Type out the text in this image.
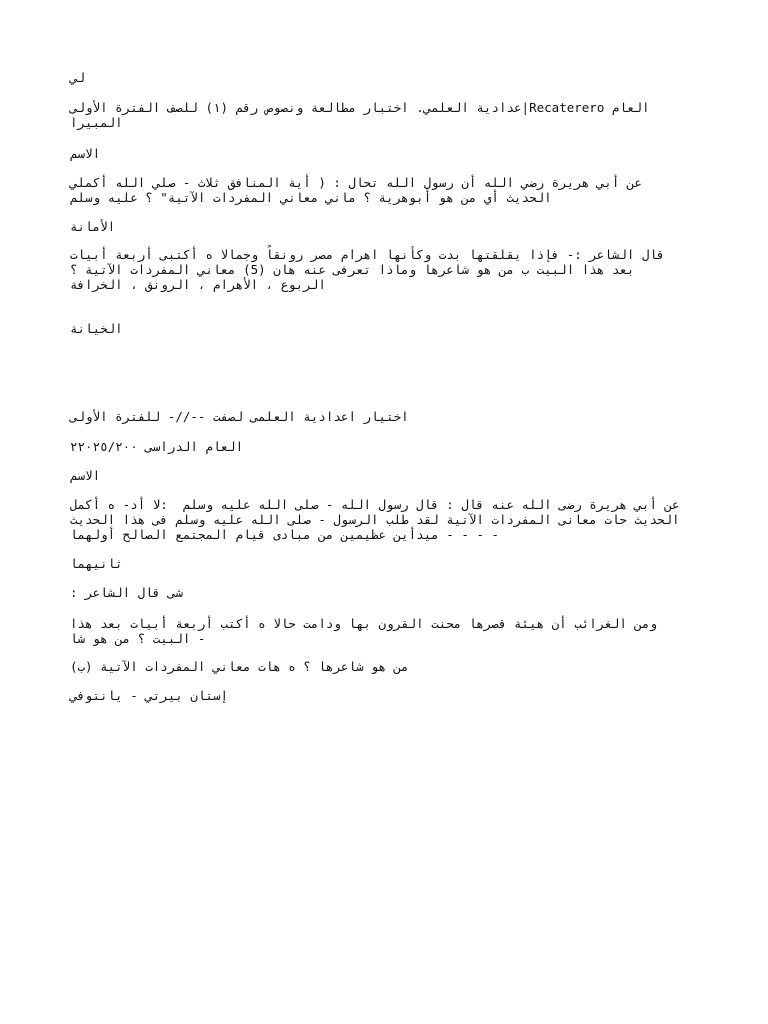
لي

العام Recaterero|عدادية العلمي. اختبار مطالعة ونصوص رقم (١) للصف الفترة الأولى
المبيرا

الاسم

عن أبي هريرة رضي الله أن رسول الله تحال : ( أية المنافق ثلاث - صلي الله أكملي
الحديث أي من هو أبوهرية ؟ ماني معاني المفردات الآتية" ؟ عليه وسلم

الأمانة

قال الشاعر :- فإذا يقلقتها بدت وكأنها اهرام مصر رونقاً وجمالا ه أكتبى أربعة أبيات
بعد هذا البيت ب من هو شاعرها وماذا تعرفى عنه هان (5) معاني المفردات الآتية ؟
الربوع ، الأهرام ، الرونق ، الخرافة

الخيانة

اختيار اعدادية العلمى لصفت --//- للفترة الأولى

العام الدراسى ٢٢٠٢٥/٢٠٠

الاسم

عن أبي هريرة رضى الله عنه قال : قال رسول الله - صلى الله عليه وسلم  :لا أد- ه أكمل
الحديث حات معانى المفردات الآتية لقد طلب الرسول - صلى الله عليه وسلم فى هذا الحديث
- - - - ميدأين عظيمين من مبادى قيام المجتمع الصالح أولهما

ثانيهما

شى قال الشاعر :

ومن الغرائب أن هيئة قصرها محنت القرون بها ودامت حالا ه أكتب أربعة أبيات بعد هذا
- البيت ؟ من هو شا

من هو شاعرها ؟ ه هات معاني المفردات الآتية (ب)

إستان بيرتي - يانتوفي
